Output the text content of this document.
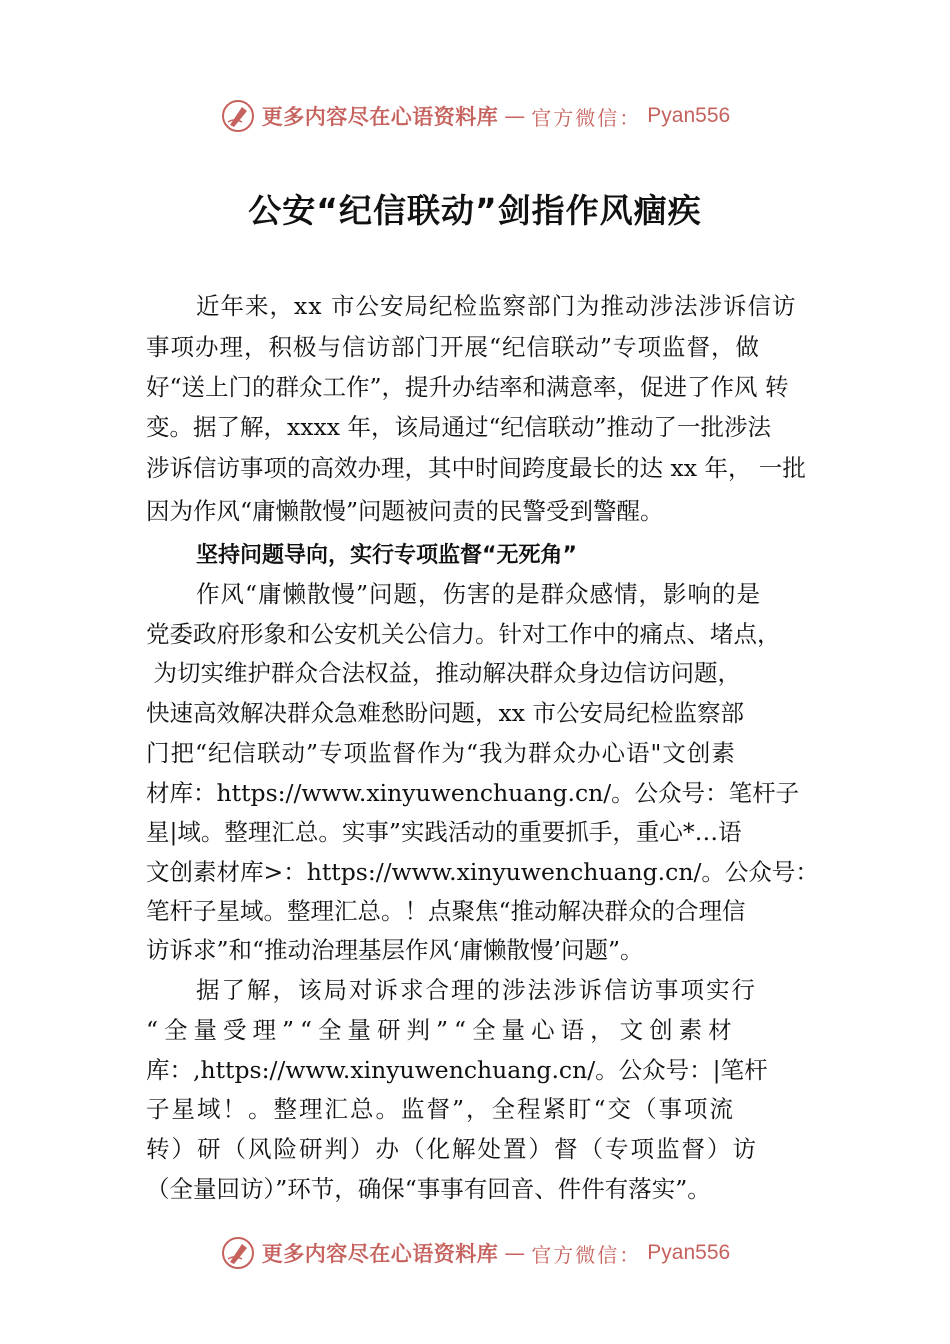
更多内容尽在心语资料库 — 官方微信： Pyan556
公安“纪信联动”剑指作风痼疾

近年来，xx 市公安局纪检监察部门为推动涉法涉诉信访

事项办理，积极与信访部门开展“纪信联动”专项监督，做

好“送上门的群众工作”，提升办结率和满意率，促进了作风 转

变。据了解，xxxx 年，该局通过“纪信联动”推动了一批涉法

涉诉信访事项的高效办理，其中时间跨度最长的达 xx 年， 一批

因为作风“庸懒散慢”问题被问责的民警受到警醒。

坚持问题导向，实行专项监督“无死角”

作风“庸懒散慢”问题，伤害的是群众感情，影响的是

党委政府形象和公安机关公信力。针对工作中的痛点、堵点，

为切实维护群众合法权益，推动解决群众身边信访问题，

快速高效解决群众急难愁盼问题，xx 市公安局纪检监察部

门把“纪信联动”专项监督作为“我为群众办心语"文创素

材库：https://www.xinyuwenchuang.cn/。公众号：笔杆子

星|域。整理汇总。实事”实践活动的重要抓手，重心*…语

文创素材库>：https://www.xinyuwenchuang.cn/。公众号：

笔杆子星域。整理汇总。！点聚焦“推动解决群众的合理信

访诉求”和“推动治理基层作风‘庸懒散慢’问题”。

据了解，该局对诉求合理的涉法涉诉信访事项实行

“全量受理”“全量研判”“全量心语，文创素材

库：,https://www.xinyuwenchuang.cn/。公众号：|笔杆

子星域！。整理汇总。监督”，全程紧盯“交（事项流

转）研（风险研判）办（化解处置）督（专项监督）访

（全量回访）”环节，确保“事事有回音、件件有落实”。

更多内容尽在心语资料库 — 官方微信： Pyan556
